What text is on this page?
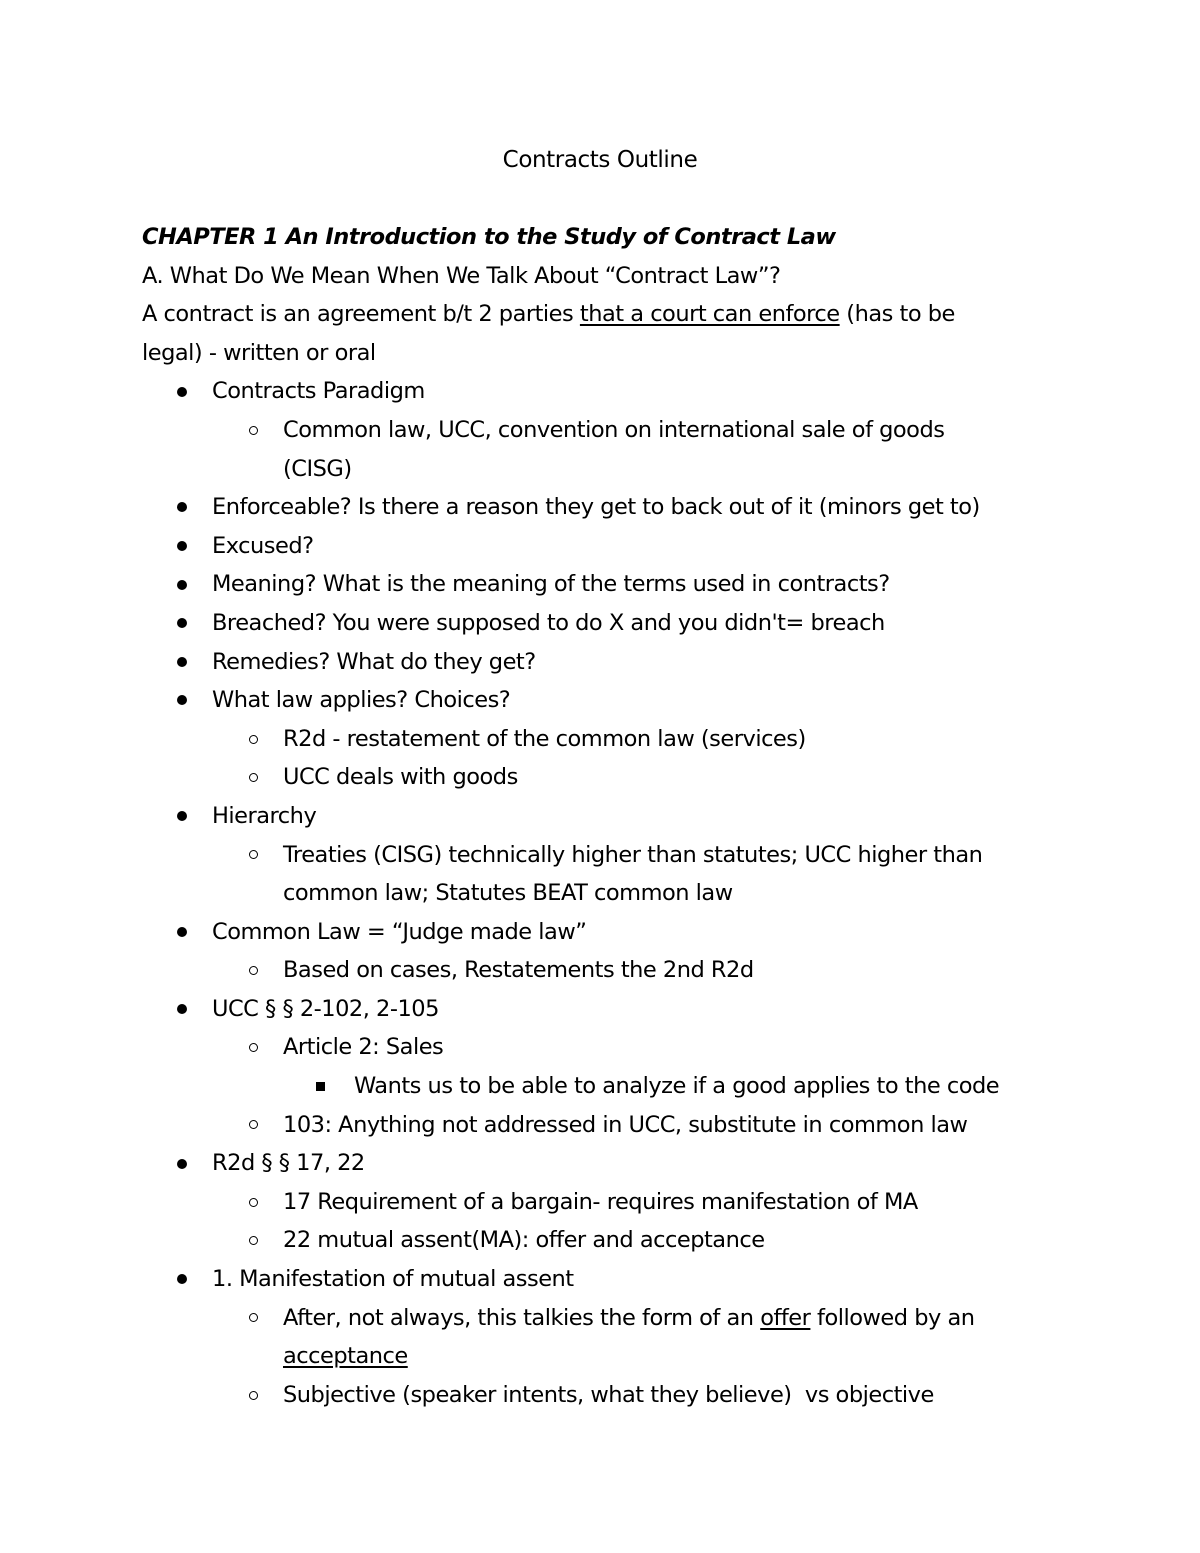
Contracts Outline
CHAPTER 1 An Introduction to the Study of Contract Law
A. What Do We Mean When We Talk About “Contract Law”?
A contract is an agreement b/t 2 parties that a court can enforce (has to be
legal) - written or oral
Contracts Paradigm
Common law, UCC, convention on international sale of goods
(CISG)
Enforceable? Is there a reason they get to back out of it (minors get to)
Excused?
Meaning? What is the meaning of the terms used in contracts?
Breached? You were supposed to do X and you didn't= breach
Remedies? What do they get?
What law applies? Choices?
R2d - restatement of the common law (services)
UCC deals with goods
Hierarchy
Treaties (CISG) technically higher than statutes; UCC higher than
common law; Statutes BEAT common law
Common Law = “Judge made law”
Based on cases, Restatements the 2nd R2d
UCC § § 2-102, 2-105
Article 2: Sales
Wants us to be able to analyze if a good applies to the code
103: Anything not addressed in UCC, substitute in common law
R2d § § 17, 22
17 Requirement of a bargain- requires manifestation of MA
22 mutual assent(MA): offer and acceptance
1. Manifestation of mutual assent
After, not always, this talkies the form of an offer followed by an
acceptance
Subjective (speaker intents, what they believe)  vs objective
